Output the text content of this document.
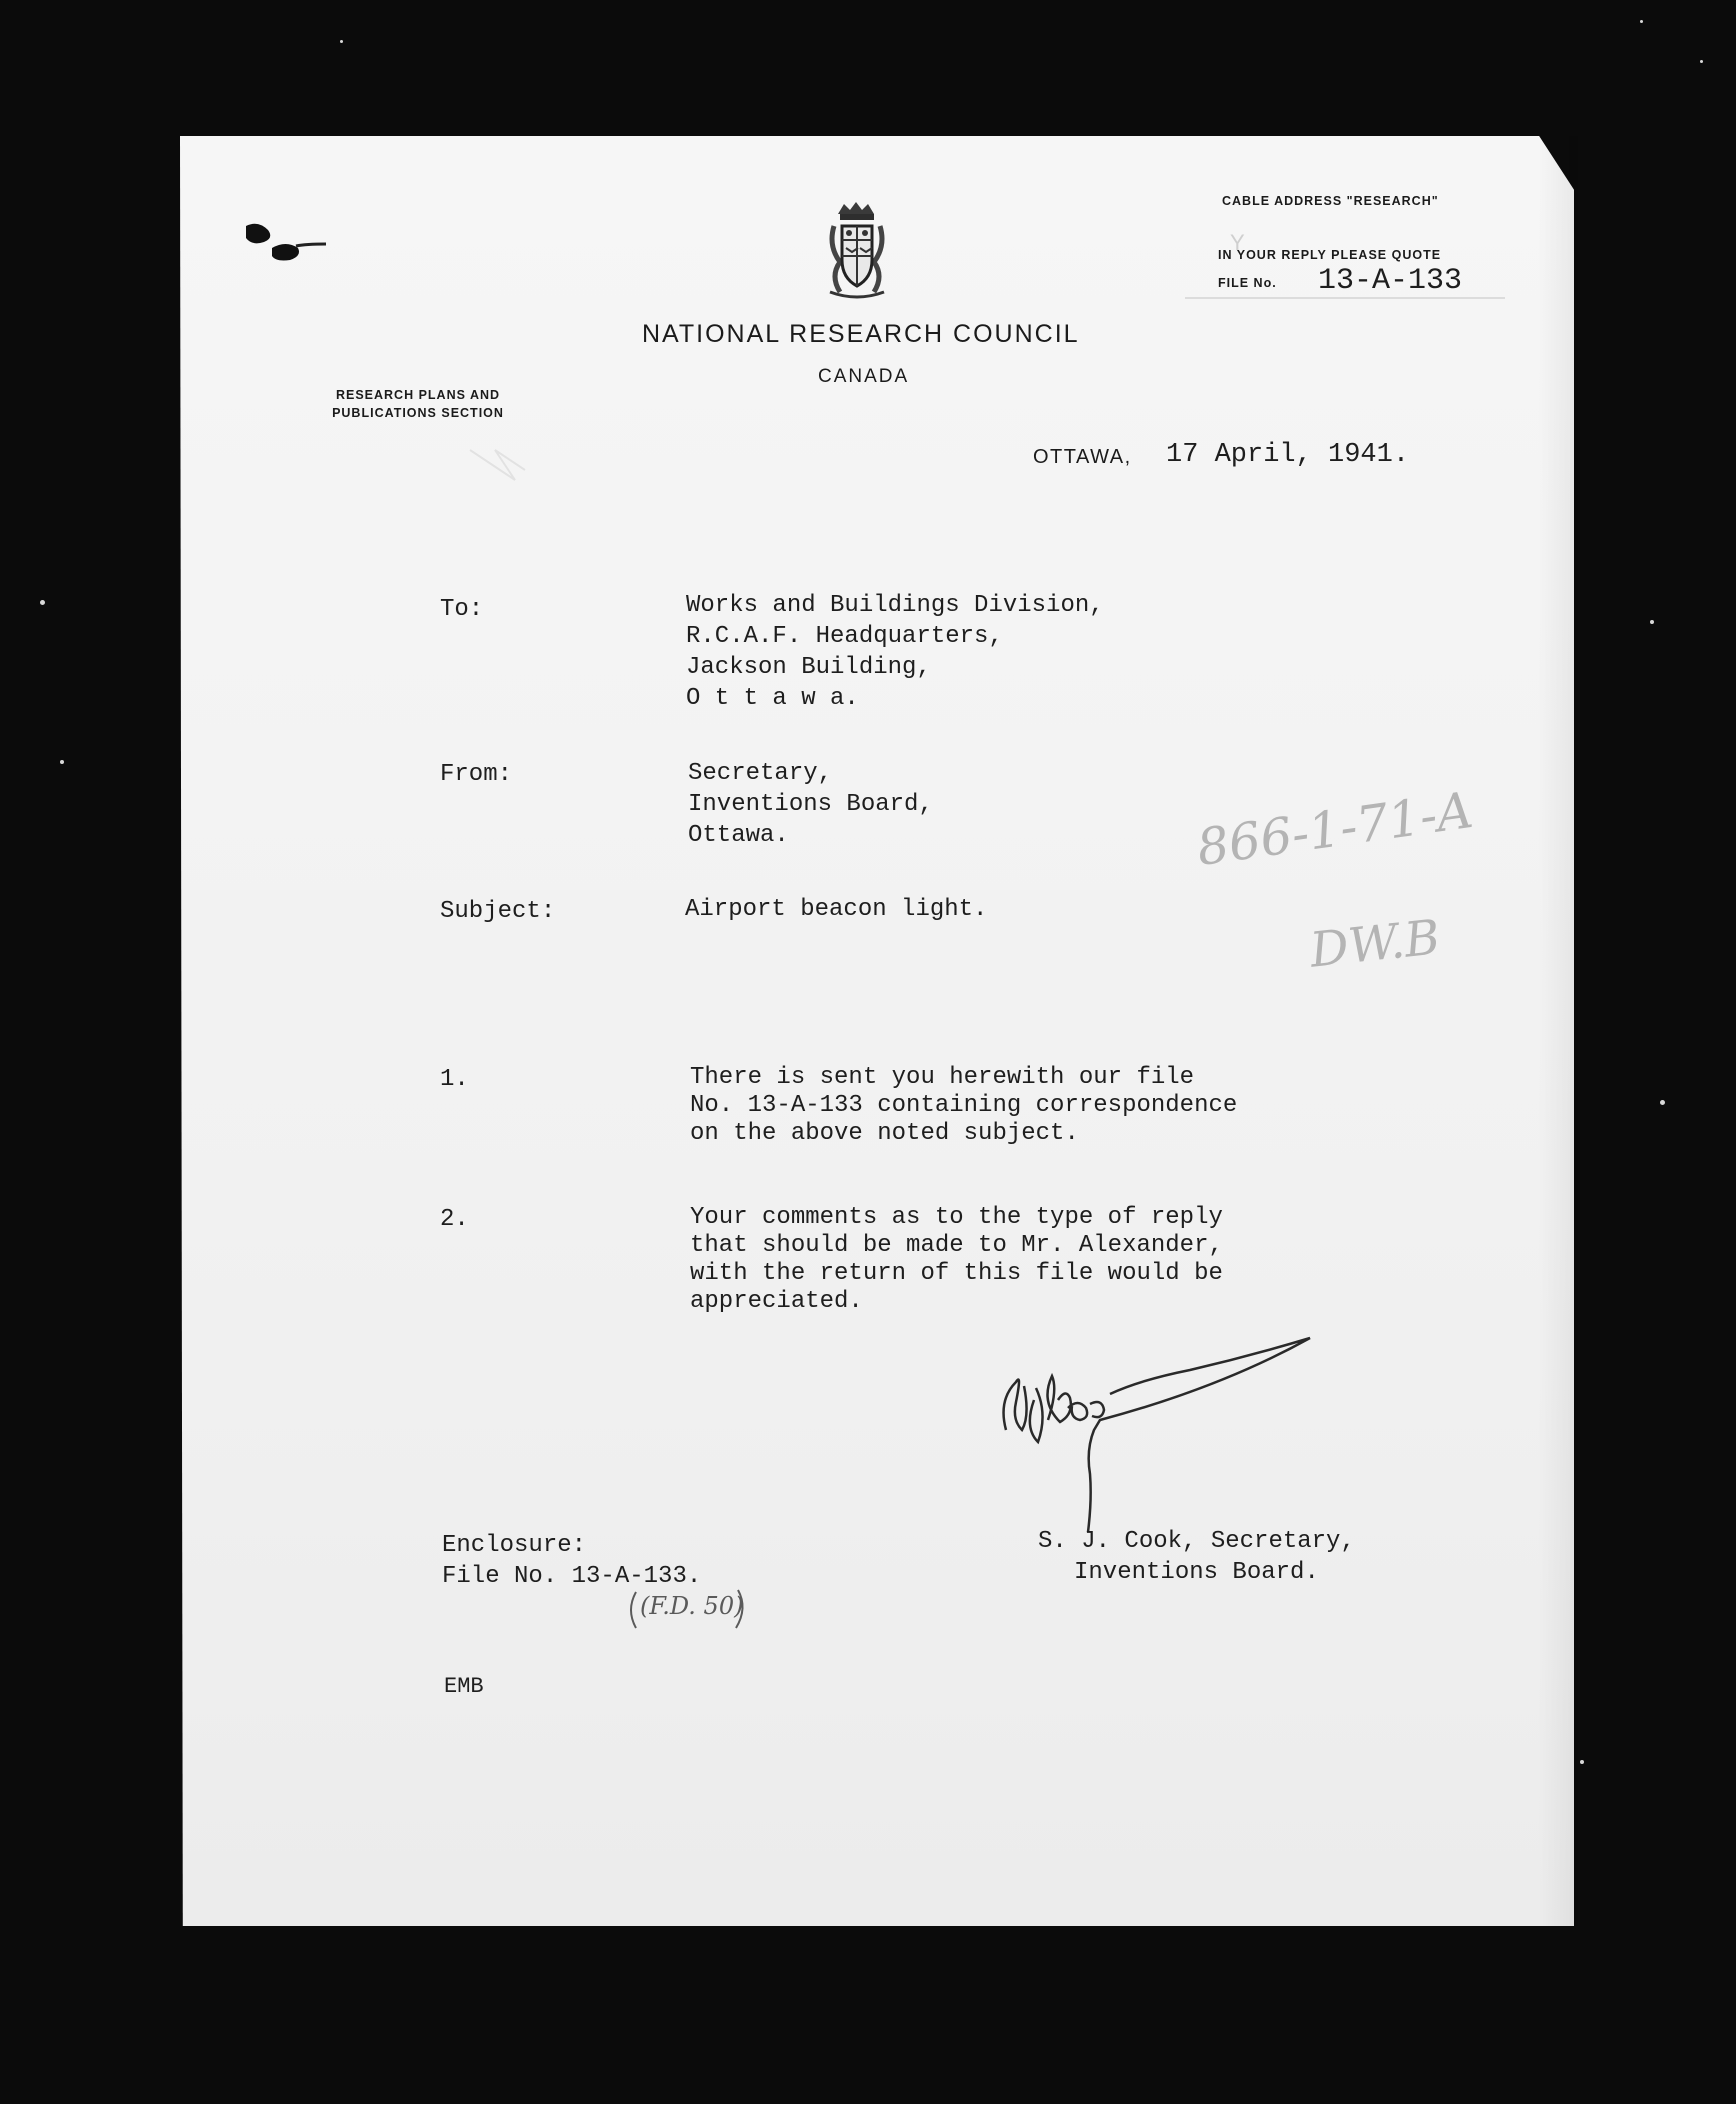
CABLE ADDRESS "RESEARCH"
IN YOUR REPLY PLEASE QUOTE
FILE No. 13-A-133
Y
NATIONAL RESEARCH COUNCIL
CANADA
RESEARCH PLANS AND
PUBLICATIONS SECTION
OTTAWA, 17 April, 1941.
To:	Works and Buildings Division,
R.C.A.F. Headquarters,
Jackson Building,
O t t a w a.
From:	Secretary,
Inventions Board,
Ottawa.
Subject:	Airport beacon light.
866-1-71-A
DW.B
1.	There is sent you herewith our file
No. 13-A-133 containing correspondence
on the above noted subject.
2.	Your comments as to the type of reply
that should be made to Mr. Alexander,
with the return of this file would be
appreciated.
S. J. Cook, Secretary,
Inventions Board.
Enclosure:
File No. 13-A-133.
(F.D. 50)
EMB
